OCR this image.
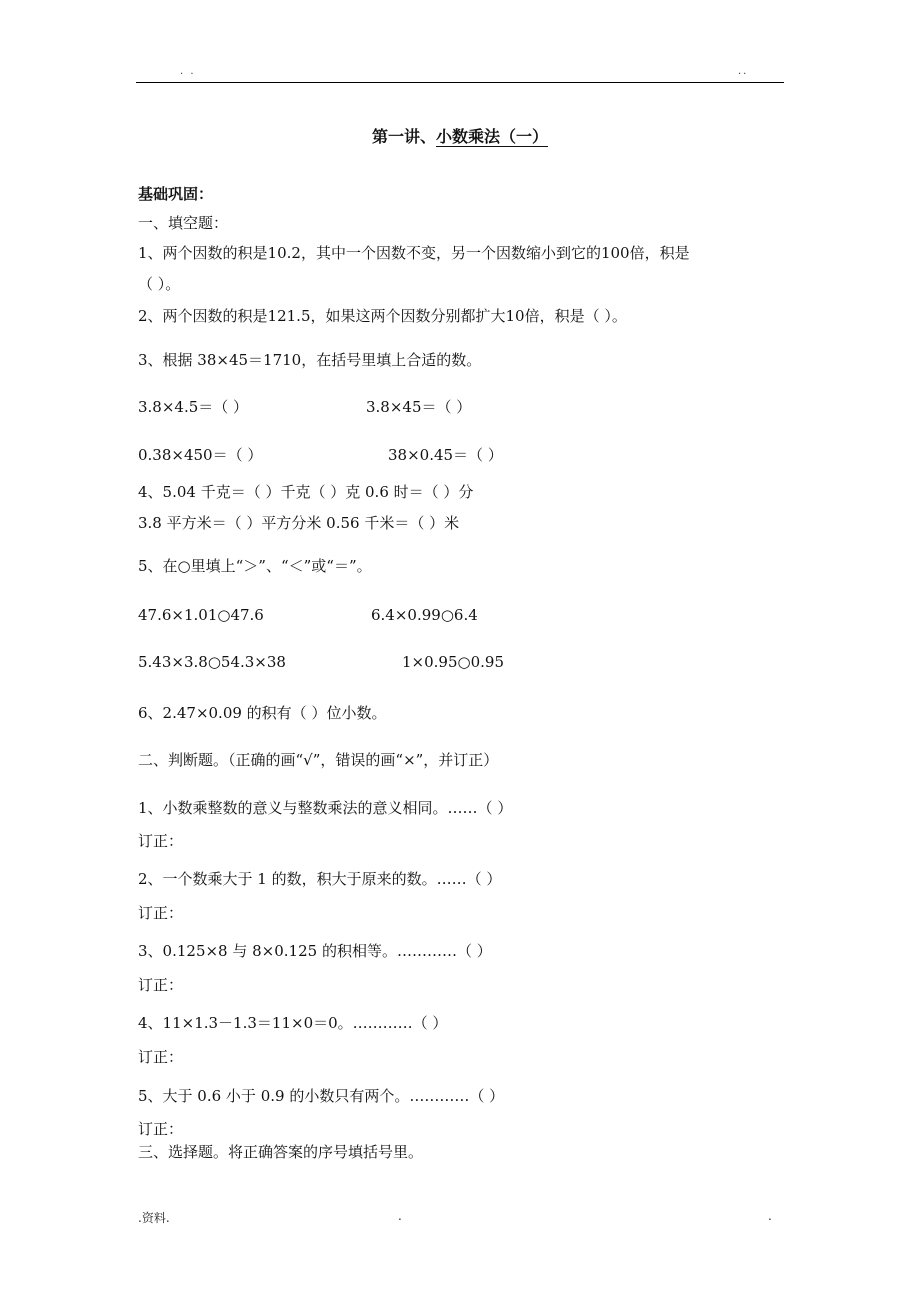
. .	..
第一讲、小数乘法（一）
基础巩固：
一、填空题：
1、两个因数的积是10.2，其中一个因数不变，另一个因数缩小到它的100倍，积是
（ ）。
2、两个因数的积是121.5，如果这两个因数分别都扩大10倍，积是（ ）。
3、根据 38×45＝1710，在括号里填上合适的数。
3.8×4.5＝（ ）	3.8×45＝（ ）
0.38×450＝（ ）	38×0.45＝（ ）
4、5.04 千克＝（ ）千克（ ）克 0.6 时＝（ ）分
3.8 平方米＝（ ）平方分米 0.56 千米＝（ ）米
5、在○里填上“＞”、“＜”或“＝”。
47.6×1.01○47.6	6.4×0.99○6.4
5.43×3.8○54.3×38	1×0.95○0.95
6、2.47×0.09 的积有（ ）位小数。
二、判断题。（正确的画“√”，错误的画“×”，并订正）
1、小数乘整数的意义与整数乘法的意义相同。……（ ）
订正：
2、一个数乘大于 1 的数，积大于原来的数。……（ ）
订正：
3、0.125×8 与 8×0.125 的积相等。…………（ ）
订正：
4、11×1.3－1.3＝11×0＝0。…………（ ）
订正：
5、大于 0.6 小于 0.9 的小数只有两个。…………（ ）
订正：
三、选择题。将正确答案的序号填括号里。
.资料.	.	.
